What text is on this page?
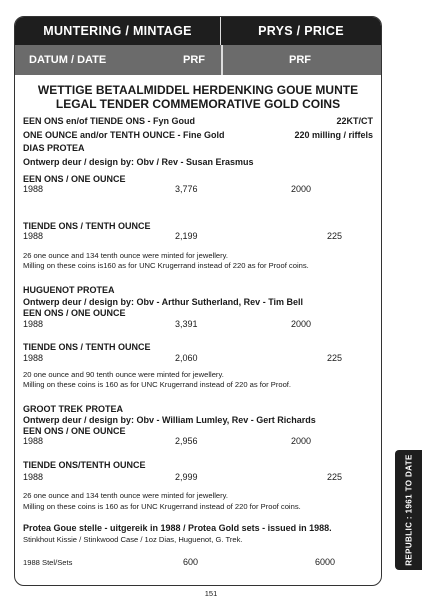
MUNTERING / MINTAGE	PRYS / PRICE
DATUM / DATE	PRF	PRF
WETTIGE BETAALMIDDEL HERDENKING GOUE MUNTE
LEGAL TENDER COMMEMORATIVE GOLD COINS
EEN ONS en/of TIENDE ONS - Fyn Goud	22KT/CT
ONE OUNCE and/or TENTH OUNCE - Fine Gold	220 milling / riffels
DIAS PROTEA
Ontwerp deur / design by: Obv / Rev - Susan Erasmus
EEN ONS / ONE OUNCE
1988	3,776	2000
TIENDE ONS / TENTH OUNCE
1988	2,199	225
26 one ounce and 134 tenth ounce were minted for jewellery.
Milling on these coins is160 as for UNC Krugerrand instead of 220 as for Proof coins.
HUGUENOT PROTEA
Ontwerp deur / design by: Obv - Arthur Sutherland, Rev - Tim Bell
EEN ONS / ONE OUNCE
1988	3,391	2000
TIENDE ONS / TENTH OUNCE
1988	2,060	225
20 one ounce and 90 tenth ounce were minted for jewellery.
Milling on these coins is 160 as for UNC Krugerrand instead of 220 as for Proof.
GROOT TREK PROTEA
Ontwerp deur / design by: Obv - William Lumley, Rev - Gert Richards
EEN ONS / ONE OUNCE
1988	2,956	2000
TIENDE ONS/TENTH OUNCE
1988	2,999	225
26 one ounce and 134 tenth ounce were minted for jewellery.
Milling on these coins is 160 as for UNC Krugerrand instead of 220 for Proof coins.
Protea Goue stelle - uitgereik in 1988 / Protea Gold sets - issued in 1988.
Stinkhout Kissie / Stinkwood Case / 1oz Dias, Huguenot, G. Trek.
1988 Stel/Sets	600	6000	REPUBLIC : 1961 TO DATE
151
